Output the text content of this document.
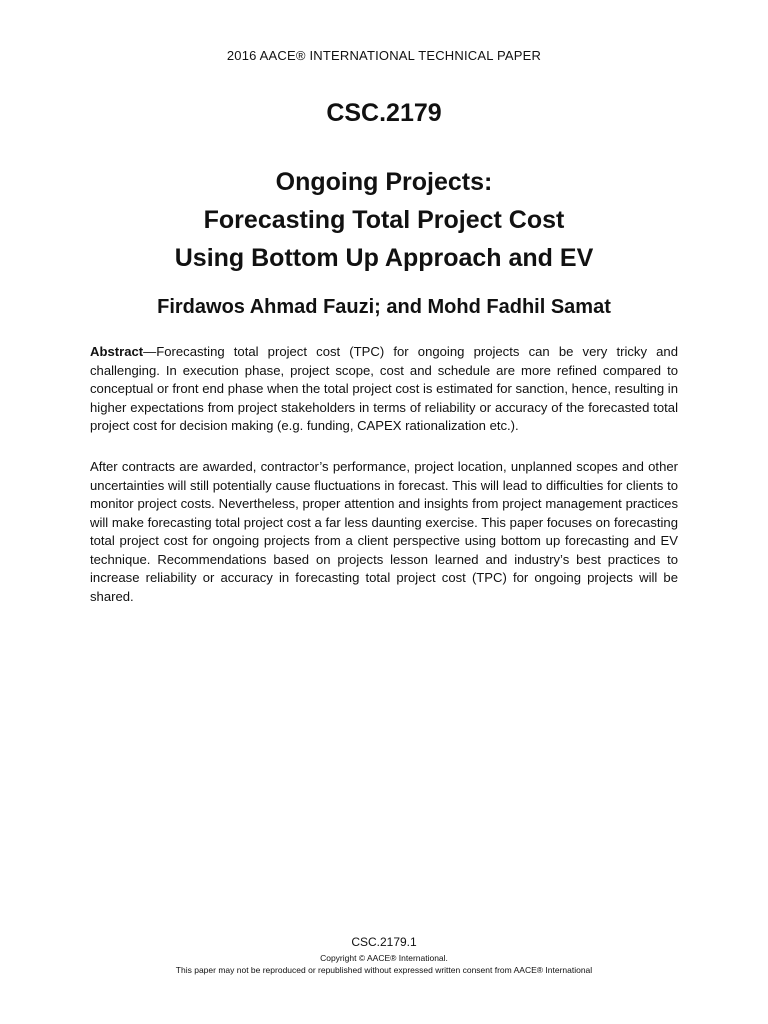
2016 AACE® INTERNATIONAL TECHNICAL PAPER
CSC.2179
Ongoing Projects:
Forecasting Total Project Cost
Using Bottom Up Approach and EV
Firdawos Ahmad Fauzi; and Mohd Fadhil Samat
Abstract—Forecasting total project cost (TPC) for ongoing projects can be very tricky and challenging. In execution phase, project scope, cost and schedule are more refined compared to conceptual or front end phase when the total project cost is estimated for sanction, hence, resulting in higher expectations from project stakeholders in terms of reliability or accuracy of the forecasted total project cost for decision making (e.g. funding, CAPEX rationalization etc.).
After contracts are awarded, contractor’s performance, project location, unplanned scopes and other uncertainties will still potentially cause fluctuations in forecast. This will lead to difficulties for clients to monitor project costs. Nevertheless, proper attention and insights from project management practices will make forecasting total project cost a far less daunting exercise. This paper focuses on forecasting total project cost for ongoing projects from a client perspective using bottom up forecasting and EV technique. Recommendations based on projects lesson learned and industry’s best practices to increase reliability or accuracy in forecasting total project cost (TPC) for ongoing projects will be shared.
CSC.2179.1
Copyright © AACE® International.
This paper may not be reproduced or republished without expressed written consent from AACE® International
